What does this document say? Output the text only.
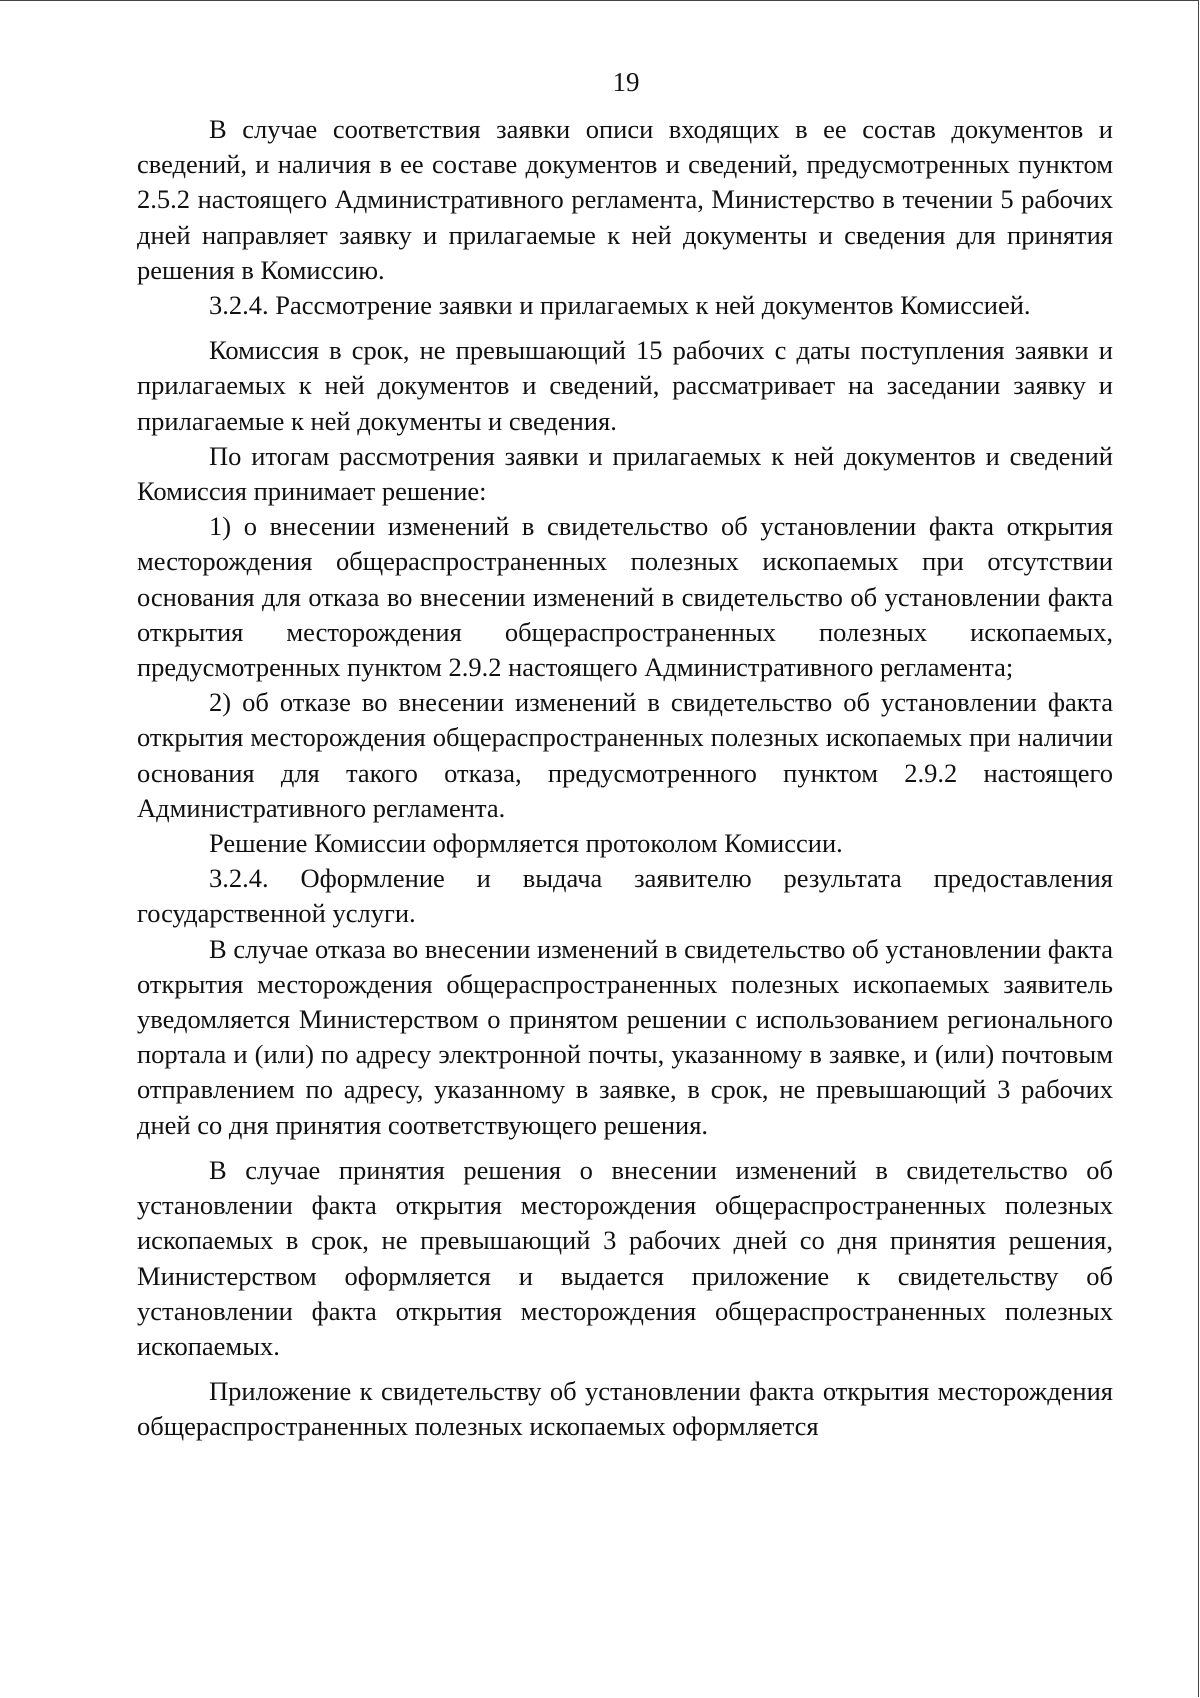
19

В случае соответствия заявки описи входящих в ее состав документов и сведений, и наличия в ее составе документов и сведений, предусмотренных пунктом 2.5.2 настоящего Административного регламента, Министерство в течении 5 рабочих дней направляет заявку и прилагаемые к ней документы и сведения для принятия решения в Комиссию.

3.2.4. Рассмотрение заявки и прилагаемых к ней документов Комиссией.

Комиссия в срок, не превышающий 15 рабочих с даты поступления заявки и прилагаемых к ней документов и сведений, рассматривает на заседании заявку и прилагаемые к ней документы и сведения.

По итогам рассмотрения заявки и прилагаемых к ней документов и сведений Комиссия принимает решение:

1) о внесении изменений в свидетельство об установлении факта открытия месторождения общераспространенных полезных ископаемых при отсутствии основания для отказа во внесении изменений в свидетельство об установлении факта открытия месторождения общераспространенных полезных ископаемых, предусмотренных пунктом 2.9.2 настоящего Административного регламента;

2) об отказе во внесении изменений в свидетельство об установлении факта открытия месторождения общераспространенных полезных ископаемых при наличии основания для такого отказа, предусмотренного пунктом 2.9.2 настоящего Административного регламента.

Решение Комиссии оформляется протоколом Комиссии.

3.2.4. Оформление и выдача заявителю результата предоставления государственной услуги.

В случае отказа во внесении изменений в свидетельство об установлении факта открытия месторождения общераспространенных полезных ископаемых заявитель уведомляется Министерством о принятом решении с использованием регионального портала и (или) по адресу электронной почты, указанному в заявке, и (или) почтовым отправлением по адресу, указанному в заявке, в срок, не превышающий 3 рабочих дней со дня принятия соответствующего решения.

В случае принятия решения о внесении изменений в свидетельство об установлении факта открытия месторождения общераспространенных полезных ископаемых в срок, не превышающий 3 рабочих дней со дня принятия решения, Министерством оформляется и выдается приложение к свидетельству об установлении факта открытия месторождения общераспространенных полезных ископаемых.

Приложение к свидетельству об установлении факта открытия месторождения общераспространенных полезных ископаемых оформляется
